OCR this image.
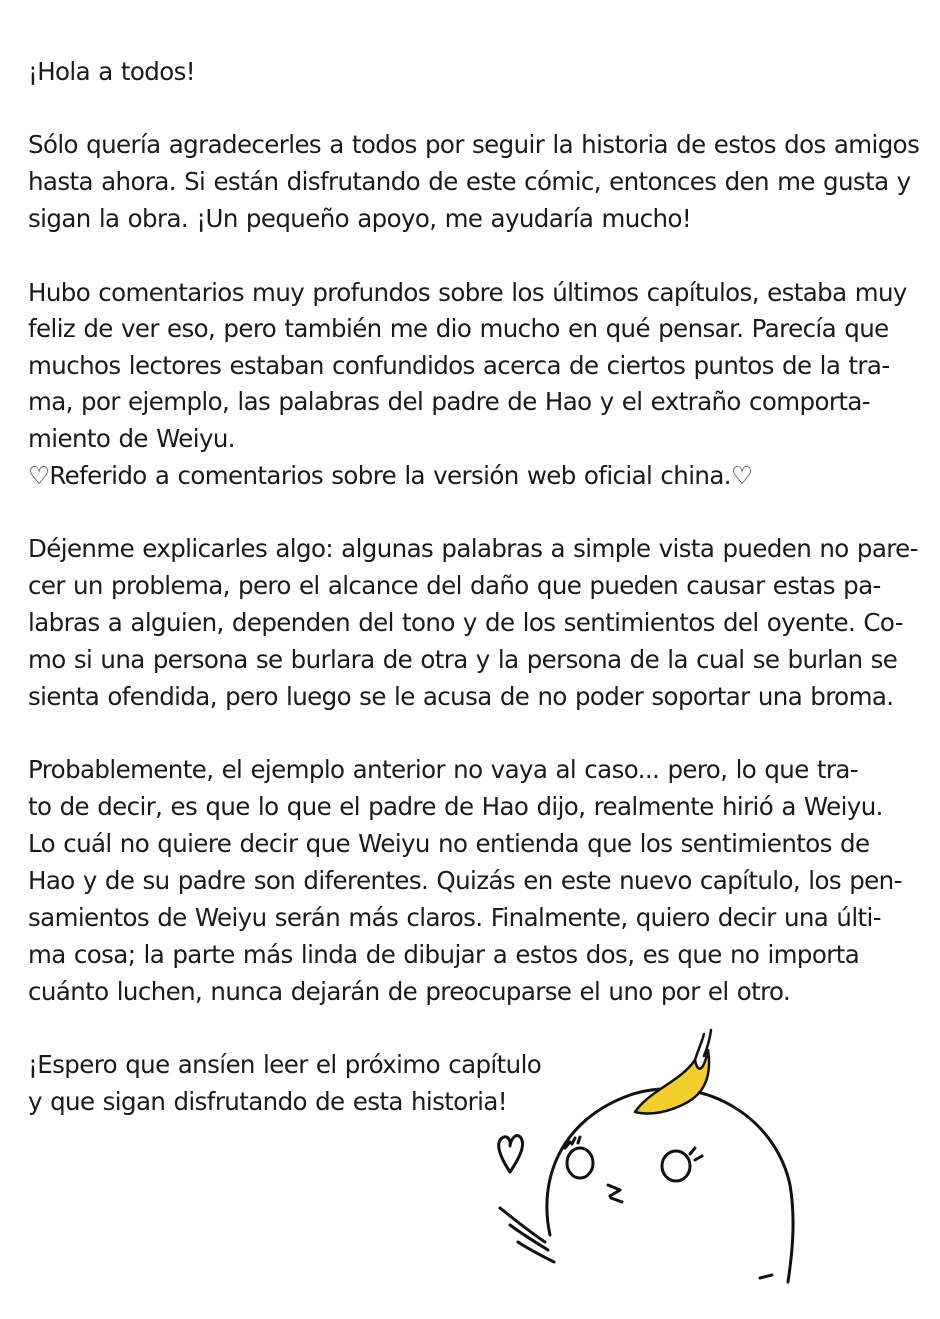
¡Hola a todos!
Sólo quería agradecerles a todos por seguir la historia de estos dos amigos
hasta ahora. Si están disfrutando de este cómic, entonces den me gusta y
sigan la obra. ¡Un pequeño apoyo, me ayudaría mucho!
Hubo comentarios muy profundos sobre los últimos capítulos, estaba muy
feliz de ver eso, pero también me dio mucho en qué pensar. Parecía que
muchos lectores estaban confundidos acerca de ciertos puntos de la tra-
ma, por ejemplo, las palabras del padre de Hao y el extraño comporta-
miento de Weiyu.
♡Referido a comentarios sobre la versión web oficial china.♡
Déjenme explicarles algo: algunas palabras a simple vista pueden no pare-
cer un problema, pero el alcance del daño que pueden causar estas pa-
labras a alguien, dependen del tono y de los sentimientos del oyente. Co-
mo si una persona se burlara de otra y la persona de la cual se burlan se
sienta ofendida, pero luego se le acusa de no poder soportar una broma.
Probablemente, el ejemplo anterior no vaya al caso... pero, lo que tra-
to de decir, es que lo que el padre de Hao dijo, realmente hirió a Weiyu.
Lo cuál no quiere decir que Weiyu no entienda que los sentimientos de
Hao y de su padre son diferentes. Quizás en este nuevo capítulo, los pen-
samientos de Weiyu serán más claros. Finalmente, quiero decir una últi-
ma cosa; la parte más linda de dibujar a estos dos, es que no importa
cuánto luchen, nunca dejarán de preocuparse el uno por el otro.
¡Espero que ansíen leer el próximo capítulo
y que sigan disfrutando de esta historia!
